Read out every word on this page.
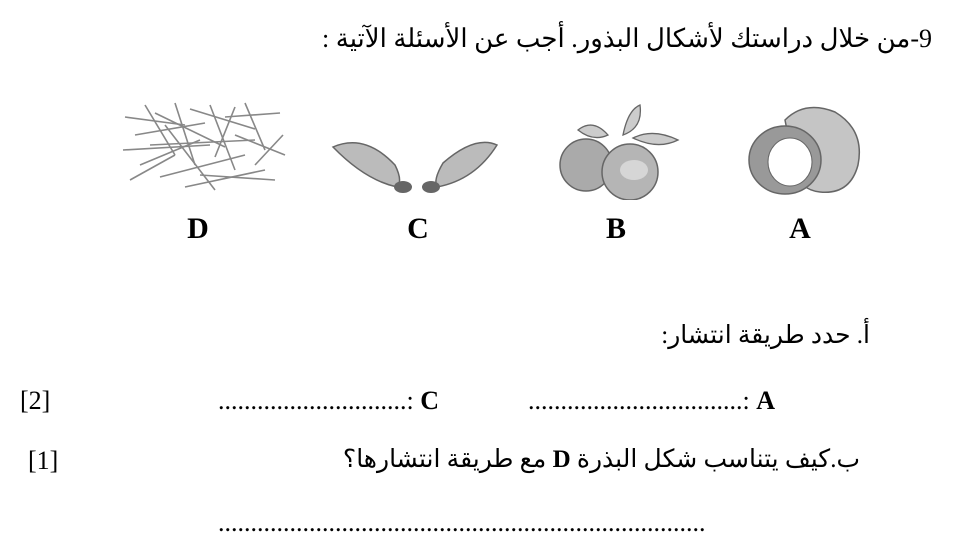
9-من خلال دراستك لأشكال البذور. أجب عن الأسئلة الآتية :
D	C	B	A
أ. حدد طريقة انتشار:
[2]	.............................: C	.................................: A
[1]	ب.كيف يتناسب شكل البذرة D مع طريقة انتشارها؟
...........................................................................
